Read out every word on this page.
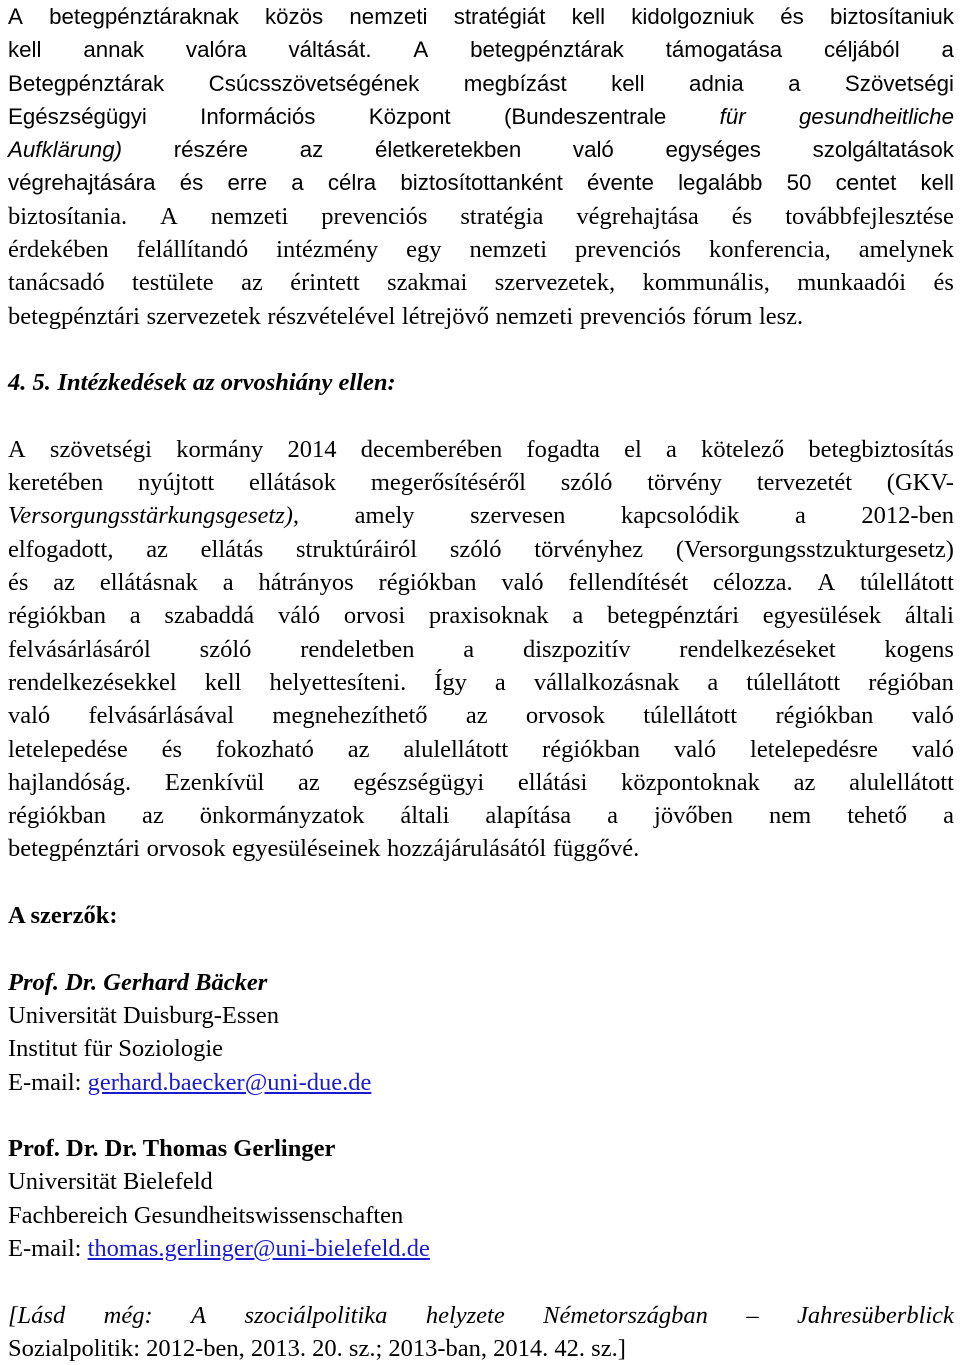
A betegpénztáraknak közös nemzeti stratégiát kell kidolgozniuk és biztosítaniuk
kell annak valóra váltását. A betegpénztárak támogatása céljából a
Betegpénztárak Csúcsszövetségének megbízást kell adnia a Szövetségi
Egészségügyi Információs Központ (Bundeszentrale für gesundheitliche
Aufklärung) részére az életkeretekben való egységes szolgáltatások
végrehajtására és erre a célra biztosítottanként évente legalább 50 centet kell
biztosítania. A nemzeti prevenciós stratégia végrehajtása és továbbfejlesztése
érdekében felállítandó intézmény egy nemzeti prevenciós konferencia, amelynek
tanácsadó testülete az érintett szakmai szervezetek, kommunális, munkaadói és
betegpénztári szervezetek részvételével létrejövő nemzeti prevenciós fórum lesz.
4. 5. Intézkedések az orvoshiány ellen:
A szövetségi kormány 2014 decemberében fogadta el a kötelező betegbiztosítás
keretében nyújtott ellátások megerősítéséről szóló törvény tervezetét (GKV-
Versorgungsstärkungsgesetz), amely szervesen kapcsolódik a 2012-ben
elfogadott, az ellátás struktúráiról szóló törvényhez (Versorgungsstzukturgesetz)
és az ellátásnak a hátrányos régiókban való fellendítését célozza. A túlellátott
régiókban a szabaddá váló orvosi praxisoknak a betegpénztári egyesülések általi
felvásárlásáról szóló rendeletben a diszpozitív rendelkezéseket kogens
rendelkezésekkel kell helyettesíteni. Így a vállalkozásnak a túlellátott régióban
való felvásárlásával megnehezíthető az orvosok túlellátott régiókban való
letelepedése és fokozható az alulellátott régiókban való letelepedésre való
hajlandóság. Ezenkívül az egészségügyi ellátási központoknak az alulellátott
régiókban az önkormányzatok általi alapítása a jövőben nem tehető a
betegpénztári orvosok egyesüléseinek hozzájárulásától függővé.
A szerzők:
Prof. Dr. Gerhard Bäcker
Universität Duisburg-Essen
Institut für Soziologie
E-mail: gerhard.baecker@uni-due.de
Prof. Dr. Dr. Thomas Gerlinger
Universität Bielefeld
Fachbereich Gesundheitswissenschaften
E-mail: thomas.gerlinger@uni-bielefeld.de
[Lásd még: A szociálpolitika helyzete Németországban – Jahresüberblick
Sozialpolitik: 2012-ben, 2013. 20. sz.; 2013-ban, 2014. 42. sz.]
